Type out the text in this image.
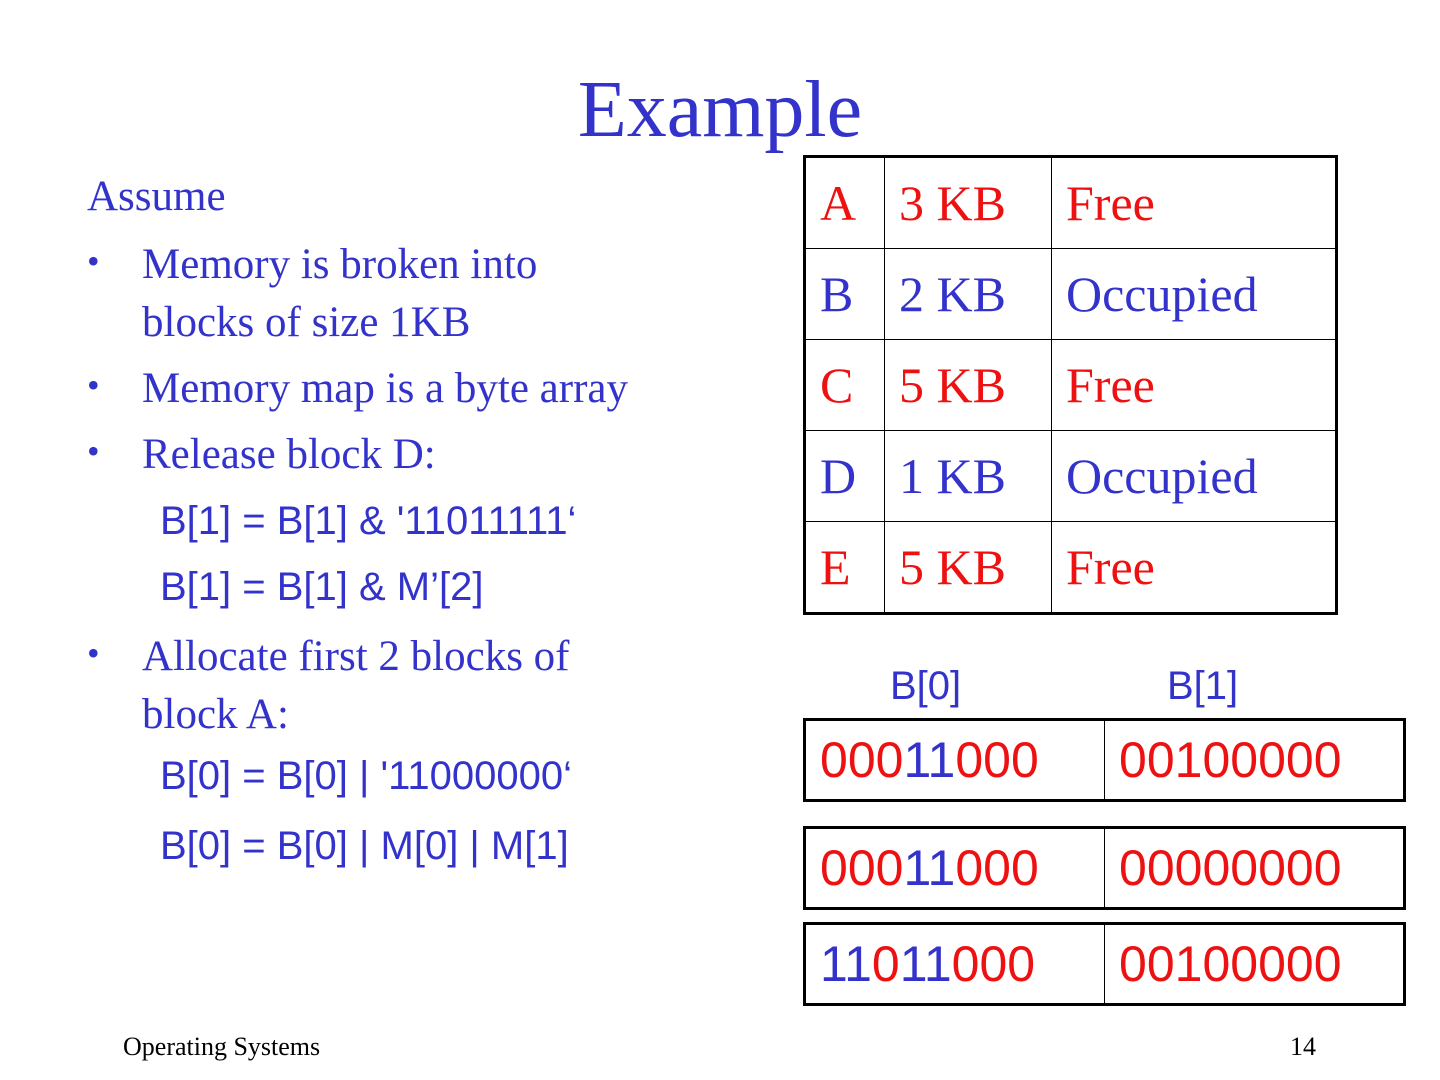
Example
Assume
• Memory is broken into blocks of size 1KB
• Memory map is a byte array
• Release block D:
B[1] = B[1] & '11011111‘
B[1] = B[1] & M’[2]
• Allocate first 2 blocks of block A:
B[0] = B[0] | '11000000‘
B[0] = B[0] | M[0] | M[1]
A	3 KB	Free
B	2 KB	Occupied
C	5 KB	Free
D	1 KB	Occupied
E	5 KB	Free
B[0]	B[1]
00011000	00100000
00011000	00000000
11011000	00100000
Operating Systems	14
